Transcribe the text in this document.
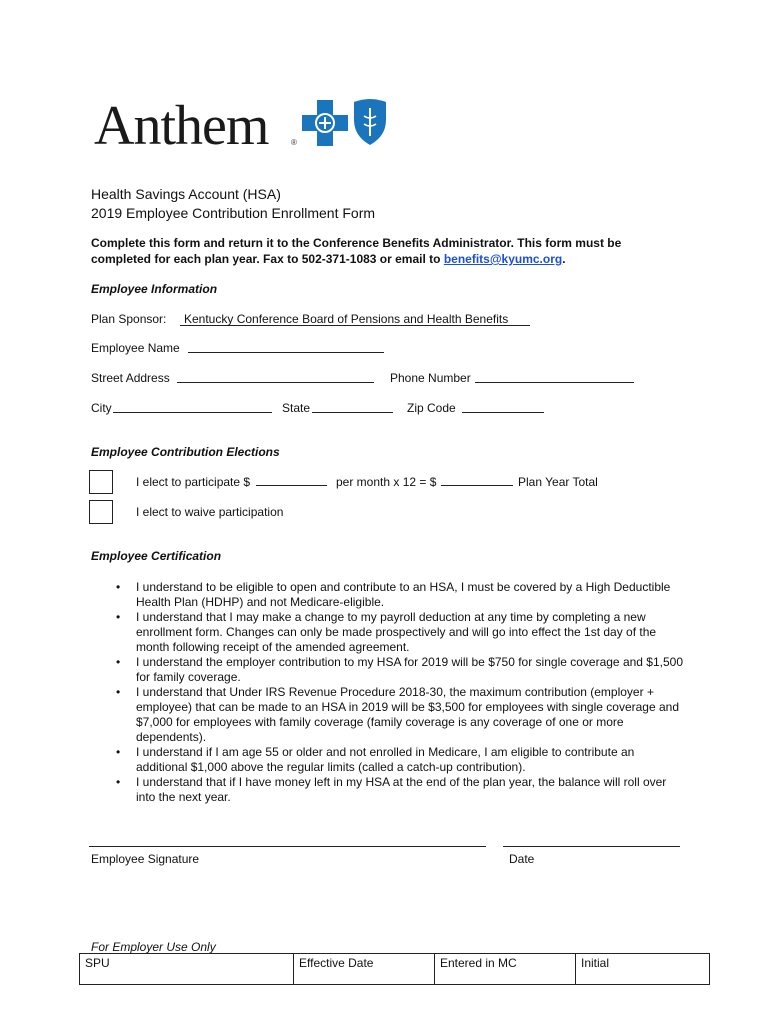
Anthem	®
Health Savings Account (HSA)
2019 Employee Contribution Enrollment Form
Complete this form and return it to the Conference Benefits Administrator. This form must be
completed for each plan year. Fax to 502-371-1083 or email to benefits@kyumc.org.
Employee Information
Plan Sponsor:	Kentucky Conference Board of Pensions and Health Benefits
Employee Name
Street Address	Phone Number
City	State	Zip Code
Employee Contribution Elections
I elect to participate $	per month x 12 = $	Plan Year Total
I elect to waive participation
Employee Certification
• I understand to be eligible to open and contribute to an HSA, I must be covered by a High Deductible Health Plan (HDHP) and not Medicare-eligible.
• I understand that I may make a change to my payroll deduction at any time by completing a new enrollment form. Changes can only be made prospectively and will go into effect the 1st day of the month following receipt of the amended agreement.
• I understand the employer contribution to my HSA for 2019 will be $750 for single coverage and $1,500 for family coverage.
• I understand that Under IRS Revenue Procedure 2018-30, the maximum contribution (employer + employee) that can be made to an HSA in 2019 will be $3,500 for employees with single coverage and $7,000 for employees with family coverage (family coverage is any coverage of one or more dependents).
• I understand if I am age 55 or older and not enrolled in Medicare, I am eligible to contribute an additional $1,000 above the regular limits (called a catch-up contribution).
• I understand that if I have money left in my HSA at the end of the plan year, the balance will roll over into the next year.
Employee Signature	Date
For Employer Use Only
SPU	Effective Date	Entered in MC	Initial
